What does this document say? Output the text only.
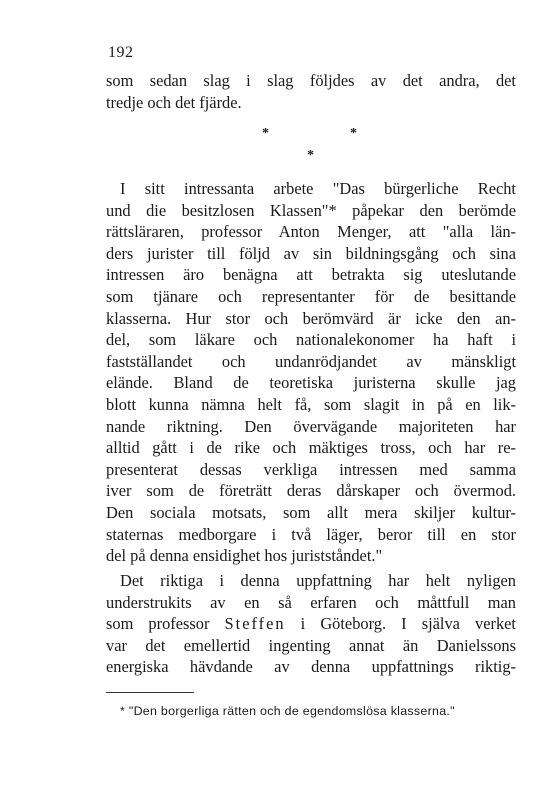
192
som sedan slag i slag följdes av det andra, det
tredje och det fjärde.
*	*
*
I sitt intressanta arbete "Das bürgerliche Recht
und die besitzlosen Klassen"* påpekar den berömde
rättsläraren, professor Anton Menger, att "alla län-
ders jurister till följd av sin bildningsgång och sina
intressen äro benägna att betrakta sig uteslutande
som tjänare och representanter för de besittande
klasserna. Hur stor och berömvärd är icke den an-
del, som läkare och nationalekonomer ha haft i
fastställandet och undanrödjandet av mänskligt
elände. Bland de teoretiska juristerna skulle jag
blott kunna nämna helt få, som slagit in på en lik-
nande riktning. Den övervägande majoriteten har
alltid gått i de rike och mäktiges tross, och har re-
presenterat dessas verkliga intressen med samma
iver som de företrätt deras dårskaper och övermod.
Den sociala motsats, som allt mera skiljer kultur-
staternas medborgare i två läger, beror till en stor
del på denna ensidighet hos juristståndet."
Det riktiga i denna uppfattning har helt nyligen
understrukits av en så erfaren och måttfull man
som professor Steffen i Göteborg. I själva verket
var det emellertid ingenting annat än Danielssons
energiska hävdande av denna uppfattnings riktig-
* "Den borgerliga rätten och de egendomslösa klasserna."
